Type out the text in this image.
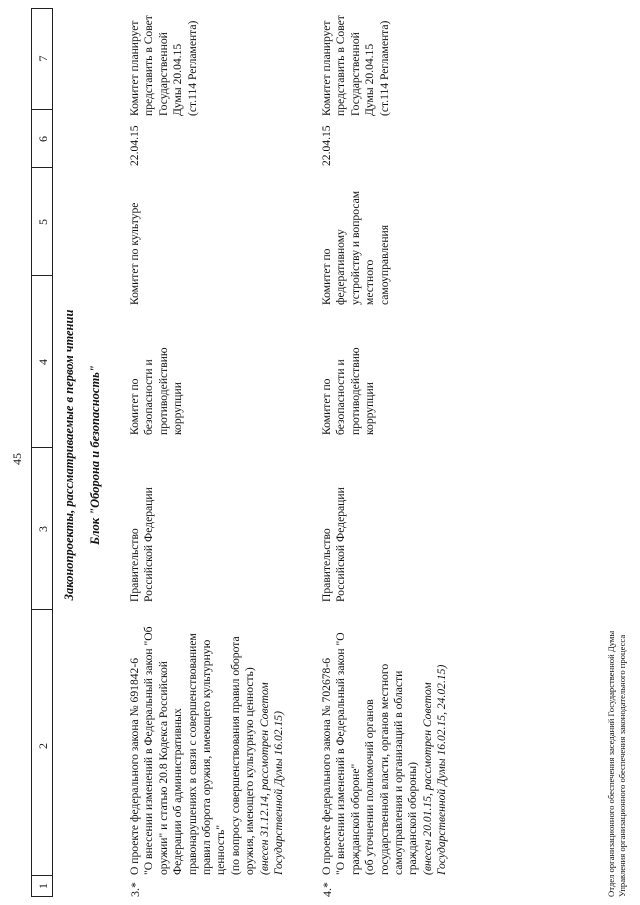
45
1
2
3
4
5
6
7
Законопроекты, рассматриваемые в первом чтении Блок "Оборона и безопасность"
3.*
О проекте федерального закона № 691842-6 "О внесении изменений в Федеральный закон "Об оружии" и статью 20.8 Кодекса Российской Федерации об административных правонарушениях в связи с совершенствованием правил оборота оружия, имеющего культурную ценность" (по вопросу совершенствования правил оборота оружия, имеющего культурную ценность) (внесен 31.12.14, рассмотрен Советом Государственной Думы 16.02.15)
Правительство Российской Федерации
Комитет по безопасности и противодействию коррупции
Комитет по культуре
22.04.15
Комитет планирует представить в Совет Государственной Думы 20.04.15 (ст.114 Регламента)
4.*
О проекте федерального закона № 702678-6 "О внесении изменений в Федеральный закон "О гражданской обороне" (об уточнении полномочий органов государственной власти, органов местного самоуправления и организаций в области гражданской обороны) (внесен 20.01.15, рассмотрен Советом Государственной Думы 16.02.15, 24.02.15)
Правительство Российской Федерации
Комитет по безопасности и противодействию коррупции
Комитет по федеративному устройству и вопросам местного самоуправления
22.04.15
Комитет планирует представить в Совет Государственной Думы 20.04.15 (ст.114 Регламента)
Отдел организационного обеспечения заседаний Государственной Думы Управления организационного обеспечения законодательного процесса
